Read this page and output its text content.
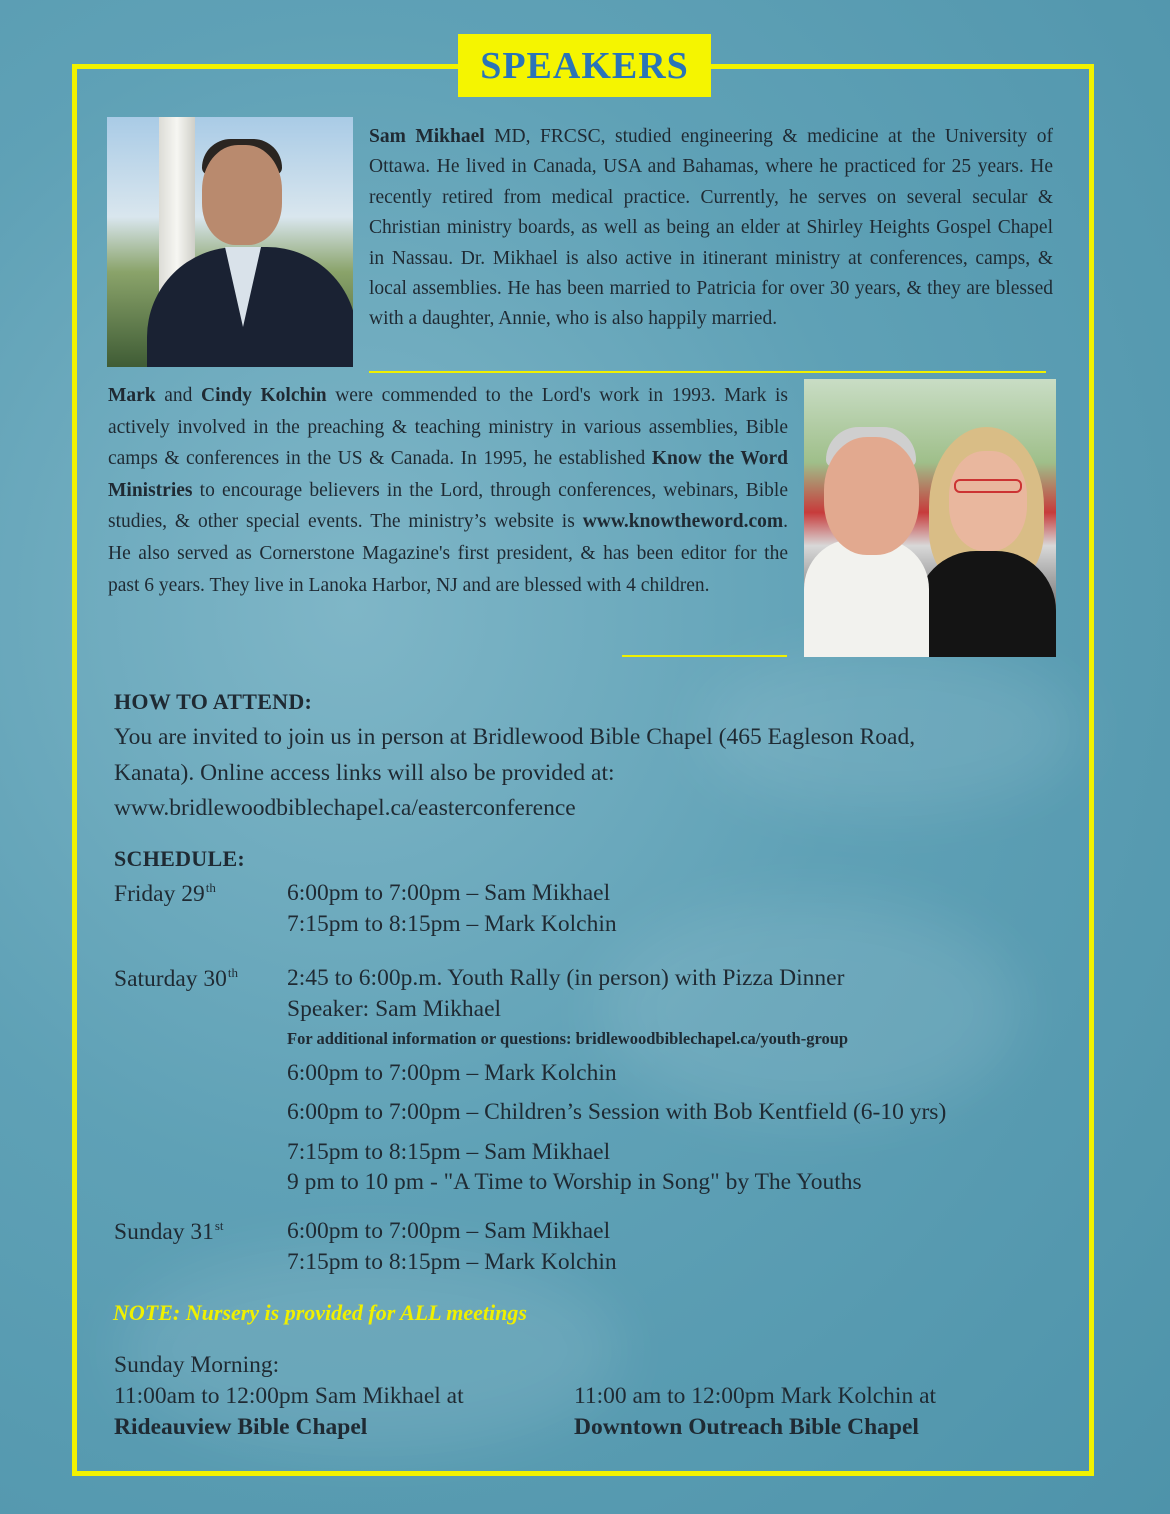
SPEAKERS
Sam Mikhael MD, FRCSC, studied engineering & medicine at the University of Ottawa. He lived in Canada, USA and Bahamas, where he practiced for 25 years. He recently retired from medical practice. Currently, he serves on several secular & Christian ministry boards, as well as being an elder at Shirley Heights Gospel Chapel in Nassau. Dr. Mikhael is also active in itinerant ministry at conferences, camps, & local assemblies. He has been married to Patricia for over 30 years, & they are blessed with a daughter, Annie, who is also happily married.
Mark and Cindy Kolchin were commended to the Lord's work in 1993. Mark is actively involved in the preaching & teaching ministry in various assemblies, Bible camps & conferences in the US & Canada. In 1995, he established Know the Word Ministries to encourage believers in the Lord, through conferences, webinars, Bible studies, & other special events. The ministry’s website is www.knowtheword.com. He also served as Cornerstone Magazine's first president, & has been editor for the past 6 years. They live in Lanoka Harbor, NJ and are blessed with 4 children.
HOW TO ATTEND:
You are invited to join us in person at Bridlewood Bible Chapel (465 Eagleson Road,
Kanata). Online access links will also be provided at:
www.bridlewoodbiblechapel.ca/easterconference
SCHEDULE:
Friday 29th	6:00pm to 7:00pm – Sam Mikhael
7:15pm to 8:15pm – Mark Kolchin
Saturday 30th 2:45 to 6:00p.m. Youth Rally (in person) with Pizza Dinner
Speaker: Sam Mikhael
For additional information or questions: bridlewoodbiblechapel.ca/youth-group
6:00pm to 7:00pm – Mark Kolchin
6:00pm to 7:00pm – Children’s Session with Bob Kentfield (6-10 yrs)
7:15pm to 8:15pm – Sam Mikhael
9 pm to 10 pm - "A Time to Worship in Song" by The Youths
Sunday 31st	6:00pm to 7:00pm – Sam Mikhael
7:15pm to 8:15pm – Mark Kolchin
NOTE: Nursery is provided for ALL meetings
Sunday Morning:
11:00am to 12:00pm Sam Mikhael at
Rideauview Bible Chapel
11:00 am to 12:00pm Mark Kolchin at
Downtown Outreach Bible Chapel
